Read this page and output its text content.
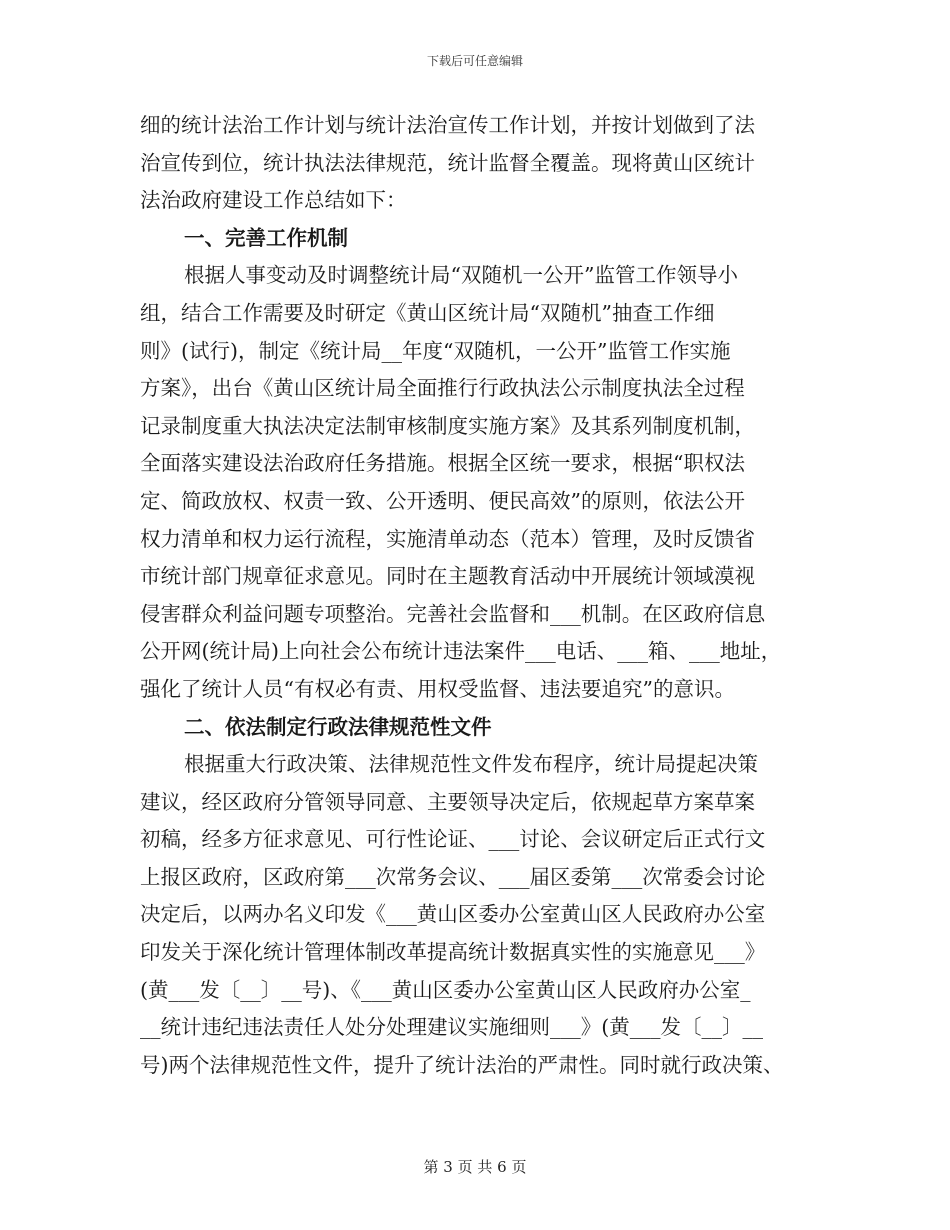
下载后可任意编辑
细的统计法治工作计划与统计法治宣传工作计划，并按计划做到了法
治宣传到位，统计执法法律规范，统计监督全覆盖。现将黄山区统计
法治政府建设工作总结如下：
一、完善工作机制
根据人事变动及时调整统计局“双随机一公开”监管工作领导小
组，结合工作需要及时研定《黄山区统计局“双随机”抽查工作细
则》(试行)，制定《统计局__年度“双随机，一公开”监管工作实施
方案》，出台《黄山区统计局全面推行行政执法公示制度执法全过程
记录制度重大执法决定法制审核制度实施方案》及其系列制度机制，
全面落实建设法治政府任务措施。根据全区统一要求，根据“职权法
定、简政放权、权责一致、公开透明、便民高效”的原则，依法公开
权力清单和权力运行流程，实施清单动态（范本）管理，及时反馈省
市统计部门规章征求意见。同时在主题教育活动中开展统计领域漠视
侵害群众利益问题专项整治。完善社会监督和___机制。在区政府信息
公开网(统计局)上向社会公布统计违法案件___电话、___箱、___地址，
强化了统计人员“有权必有责、用权受监督、违法要追究”的意识。
二、依法制定行政法律规范性文件
根据重大行政决策、法律规范性文件发布程序，统计局提起决策
建议，经区政府分管领导同意、主要领导决定后，依规起草方案草案
初稿，经多方征求意见、可行性论证、___讨论、会议研定后正式行文
上报区政府，区政府第___次常务会议、___届区委第___次常委会讨论
决定后，以两办名义印发《___黄山区委办公室黄山区人民政府办公室
印发关于深化统计管理体制改革提高统计数据真实性的实施意见___》
(黄___发〔__〕__号)、《___黄山区委办公室黄山区人民政府办公室_
__统计违纪违法责任人处分处理建议实施细则___》(黄___发〔__〕__
号)两个法律规范性文件，提升了统计法治的严肃性。同时就行政决策、
第 3 页 共 6 页
